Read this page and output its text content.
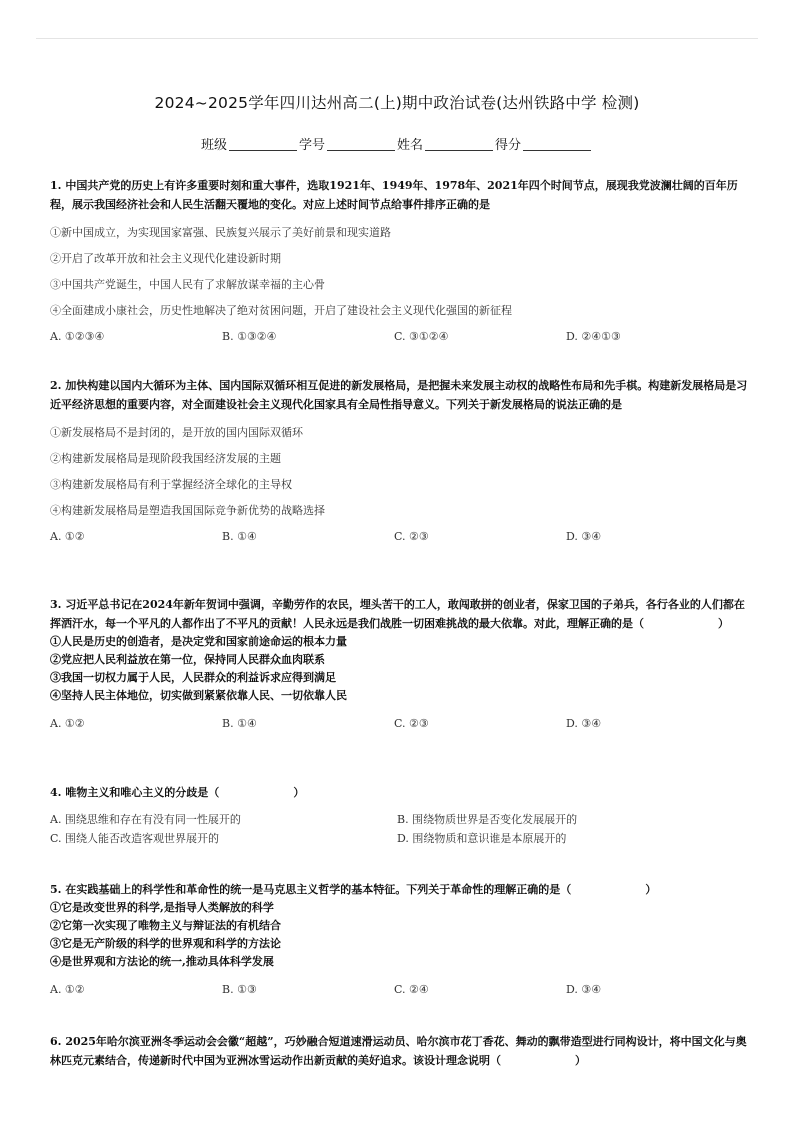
2024~2025学年四川达州高二(上)期中政治试卷(达州铁路中学 检测)
班级	学号	姓名	得分
1. 中国共产党的历史上有许多重要时刻和重大事件，选取1921年、1949年、1978年、2021年四个时间节点，展现我党波澜壮阔的百年历程，展示我国经济社会和人民生活翻天覆地的变化。对应上述时间节点给事件排序正确的是
①新中国成立，为实现国家富强、民族复兴展示了美好前景和现实道路
②开启了改革开放和社会主义现代化建设新时期
③中国共产党诞生，中国人民有了求解放谋幸福的主心骨
④全面建成小康社会，历史性地解决了绝对贫困问题，开启了建设社会主义现代化强国的新征程
A. ①②③④	B. ①③②④	C. ③①②④	D. ②④①③
2. 加快构建以国内大循环为主体、国内国际双循环相互促进的新发展格局，是把握未来发展主动权的战略性布局和先手棋。构建新发展格局是习近平经济思想的重要内容，对全面建设社会主义现代化国家具有全局性指导意义。下列关于新发展格局的说法正确的是
①新发展格局不是封闭的，是开放的国内国际双循环
②构建新发展格局是现阶段我国经济发展的主题
③构建新发展格局有利于掌握经济全球化的主导权
④构建新发展格局是塑造我国国际竞争新优势的战略选择
A. ①②	B. ①④	C. ②③	D. ③④
3. 习近平总书记在2024年新年贺词中强调，辛勤劳作的农民，埋头苦干的工人，敢闯敢拼的创业者，保家卫国的子弟兵，各行各业的人们都在挥洒汗水，每一个平凡的人都作出了不平凡的贡献！人民永远是我们战胜一切困难挑战的最大依靠。对此，理解正确的是（	）
①人民是历史的创造者，是决定党和国家前途命运的根本力量
②党应把人民利益放在第一位，保持同人民群众血肉联系
③我国一切权力属于人民，人民群众的利益诉求应得到满足
④坚持人民主体地位，切实做到紧紧依靠人民、一切依靠人民
A. ①②	B. ①④	C. ②③	D. ③④
4. 唯物主义和唯心主义的分歧是（	）
A. 围绕思维和存在有没有同一性展开的	B. 围绕物质世界是否变化发展展开的
C. 围绕人能否改造客观世界展开的	D. 围绕物质和意识谁是本原展开的
5. 在实践基础上的科学性和革命性的统一是马克思主义哲学的基本特征。下列关于革命性的理解正确的是（	）
①它是改变世界的科学,是指导人类解放的科学
②它第一次实现了唯物主义与辩证法的有机结合
③它是无产阶级的科学的世界观和科学的方法论
④是世界观和方法论的统一,推动具体科学发展
A. ①②	B. ①③	C. ②④	D. ③④
6. 2025年哈尔滨亚洲冬季运动会会徽“超越”，巧妙融合短道速滑运动员、哈尔滨市花丁香花、舞动的飘带造型进行同构设计，将中国文化与奥林匹克元素结合，传递新时代中国为亚洲冰雪运动作出新贡献的美好追求。该设计理念说明（	）
